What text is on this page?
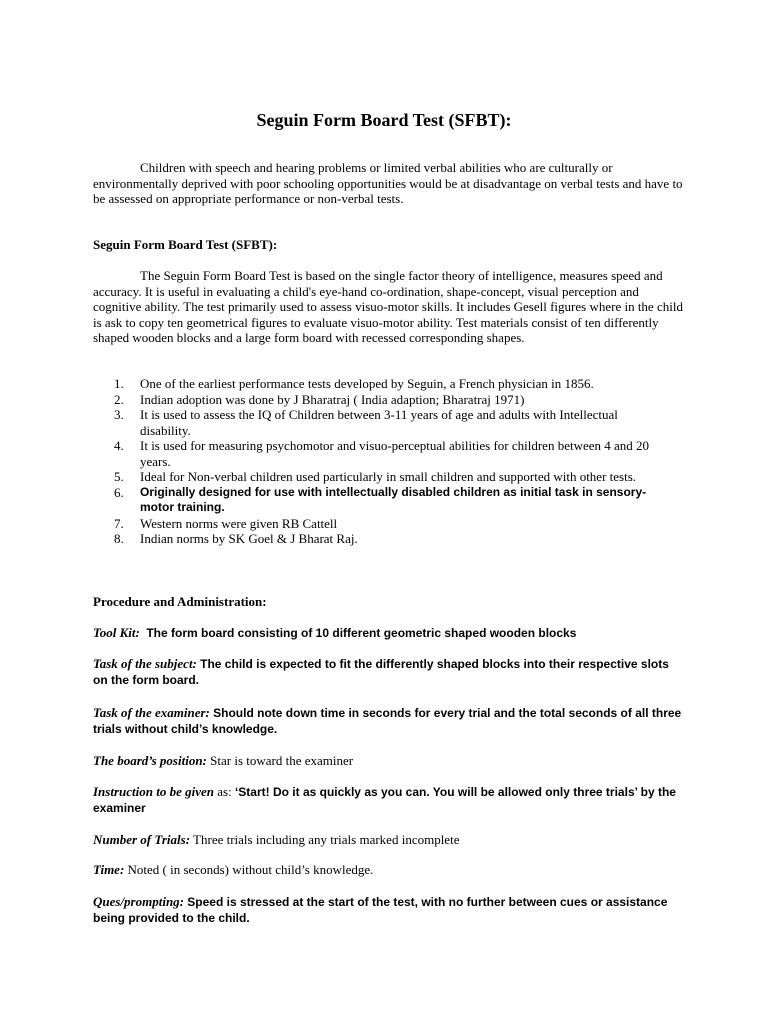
Seguin Form Board Test (SFBT):

Children with speech and hearing problems or limited verbal abilities who are culturally or environmentally deprived with poor schooling opportunities would be at disadvantage on verbal tests and have to be assessed on appropriate performance or non-verbal tests.

Seguin Form Board Test (SFBT):

The Seguin Form Board Test is based on the single factor theory of intelligence, measures speed and accuracy. It is useful in evaluating a child's eye-hand co-ordination, shape-concept, visual perception and cognitive ability. The test primarily used to assess visuo-motor skills. It includes Gesell figures where in the child is ask to copy ten geometrical figures to evaluate visuo-motor ability. Test materials consist of ten differently shaped wooden blocks and a large form board with recessed corresponding shapes.

1.	One of the earliest performance tests developed by Seguin, a French physician in 1856.
2.	Indian adoption was done by J Bharatraj ( India adaption; Bharatraj 1971)
3.	It is used to assess the IQ of Children between 3-11 years of age and adults with Intellectual disability.
4.	It is used for measuring psychomotor and visuo-perceptual abilities for children between 4 and 20 years.
5.	Ideal for Non-verbal children used particularly in small children and supported with other tests.
6.	Originally designed for use with intellectually disabled children as initial task in sensory-motor training.
7.	Western norms were given RB Cattell
8.	Indian norms by SK Goel & J Bharat Raj.
Procedure and Administration:
Tool Kit: The form board consisting of 10 different geometric shaped wooden blocks
Task of the subject: The child is expected to fit the differently shaped blocks into their respective slots on the form board.
Task of the examiner: Should note down time in seconds for every trial and the total seconds of all three trials without child’s knowledge.
The board’s position: Star is toward the examiner
Instruction to be given as: ‘Start! Do it as quickly as you can. You will be allowed only three trials’ by the examiner
Number of Trials: Three trials including any trials marked incomplete
Time: Noted ( in seconds) without child’s knowledge.
Ques/prompting: Speed is stressed at the start of the test, with no further between cues or assistance being provided to the child.
